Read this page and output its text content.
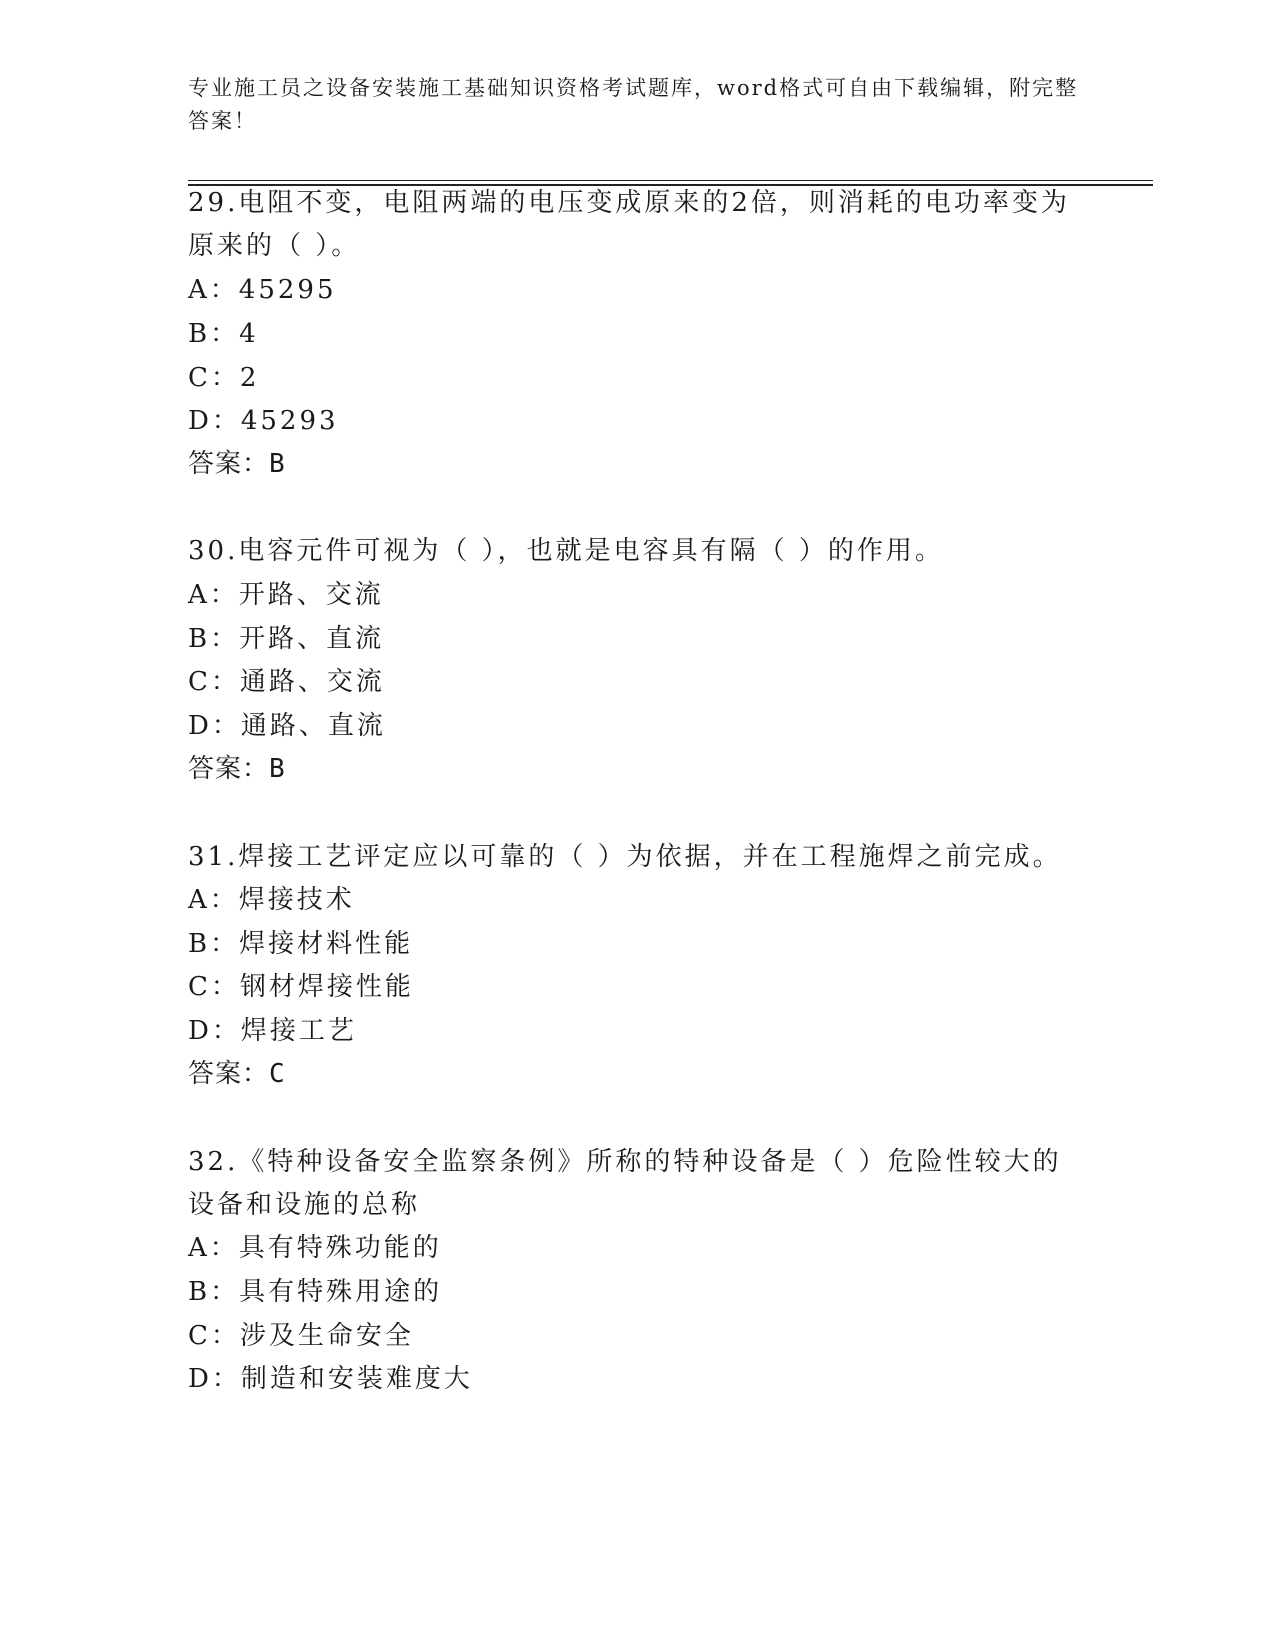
专业施工员之设备安装施工基础知识资格考试题库，word格式可自由下载编辑，附完整答案！
29.电阻不变，电阻两端的电压变成原来的2倍，则消耗的电功率变为
原来的（ ）。
A：45295
B：4
C：2
D：45293
答案：B
30.电容元件可视为（ ），也就是电容具有隔（ ）的作用。
A：开路、交流
B：开路、直流
C：通路、交流
D：通路、直流
答案：B
31.焊接工艺评定应以可靠的（ ）为依据，并在工程施焊之前完成。
A：焊接技术
B：焊接材料性能
C：钢材焊接性能
D：焊接工艺
答案：C
32.《特种设备安全监察条例》所称的特种设备是（ ）危险性较大的
设备和设施的总称
A：具有特殊功能的
B：具有特殊用途的
C：涉及生命安全
D：制造和安装难度大
